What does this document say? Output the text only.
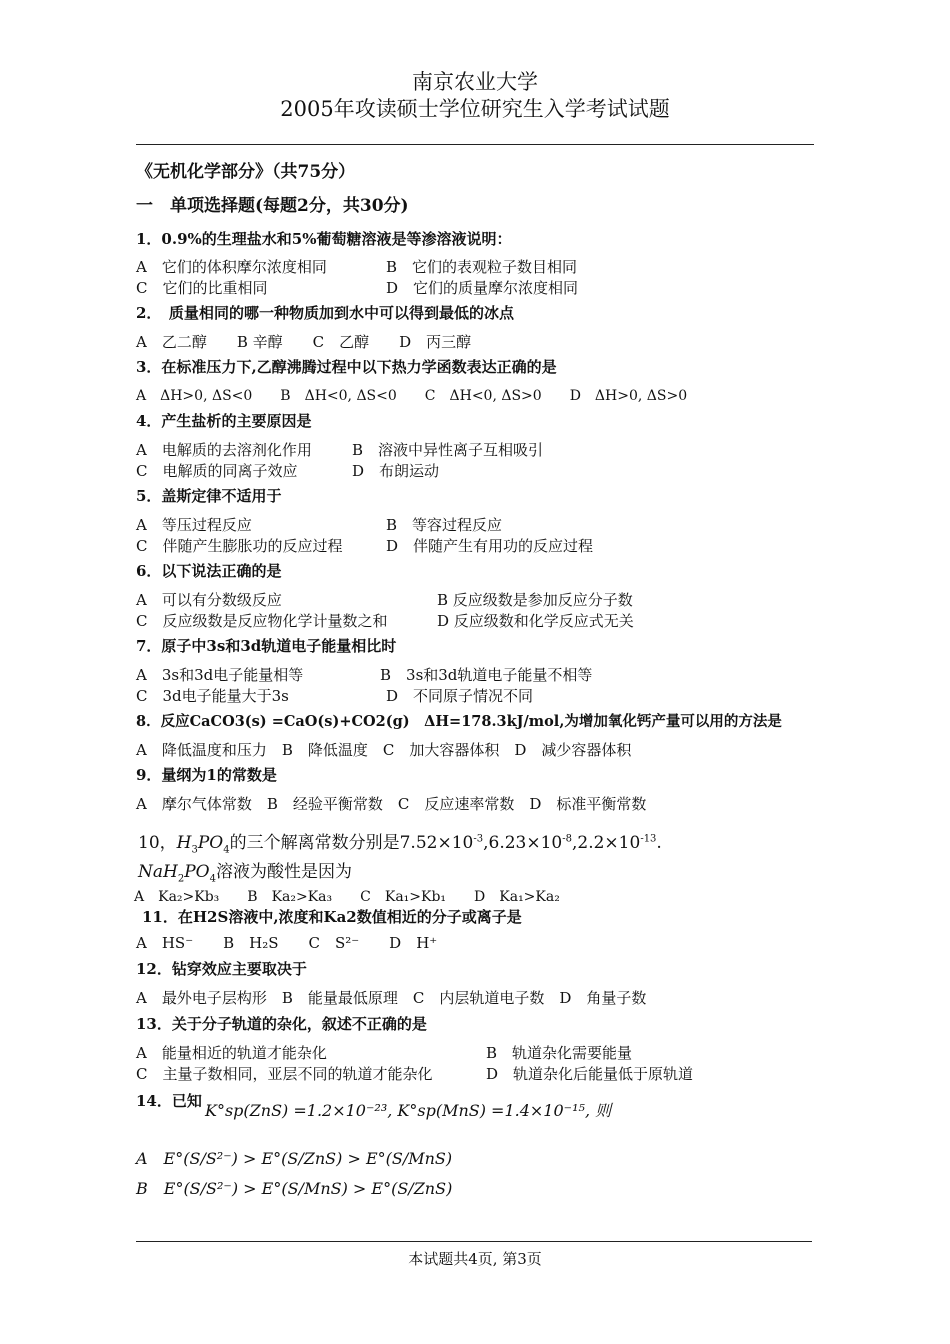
南京农业大学
2005年攻读硕士学位研究生入学考试试题
《无机化学部分》（共75分）
一　单项选择题(每题2分，共30分)
1．0.9%的生理盐水和5%葡萄糖溶液是等渗溶液说明：
A　它们的体积摩尔浓度相同	B　它们的表观粒子数目相同
C　它们的比重相同	D　它们的质量摩尔浓度相同
2．　质量相同的哪一种物质加到水中可以得到最低的冰点
A　乙二醇　　B 辛醇　　C　乙醇　　D　丙三醇
3．在标准压力下,乙醇沸腾过程中以下热力学函数表达正确的是
A　ΔH>0, ΔS<0　　B　ΔH<0, ΔS<0　　C　ΔH<0, ΔS>0　　D　ΔH>0, ΔS>0
4．产生盐析的主要原因是
A　电解质的去溶剂化作用	B　溶液中异性离子互相吸引
C　电解质的同离子效应	D　布朗运动
5．盖斯定律不适用于
A　等压过程反应	B　等容过程反应
C　伴随产生膨胀功的反应过程	D　伴随产生有用功的反应过程
6．以下说法正确的是
A　可以有分数级反应	B 反应级数是参加反应分子数
C　反应级数是反应物化学计量数之和	D 反应级数和化学反应式无关
7．原子中3s和3d轨道电子能量相比时
A　3s和3d电子能量相等	B　3s和3d轨道电子能量不相等
C　3d电子能量大于3s	D　不同原子情况不同
8．反应CaCO3(s) =CaO(s)+CO2(g)　ΔH=178.3kJ/mol,为增加氧化钙产量可以用的方法是
A　降低温度和压力　B　降低温度　C　加大容器体积　D　减少容器体积
9．量纲为1的常数是
A　摩尔气体常数　B　经验平衡常数　C　反应速率常数　D　标准平衡常数
10，$H_3PO_4$的三个解离常数分别是$7.52\times 10^{-3},6.23\times 10^{-8},2.2\times 10^{-13}$.
$NaH_2PO_4$溶液为酸性是因为
A　Ka₂>Kb₃　　B　Ka₂>Ka₃　　C　Ka₁>Kb₁　　D　Ka₁>Ka₂
11．在H2S溶液中,浓度和Ka2数值相近的分子或离子是
A　HS⁻　　B　H₂S　　C　S²⁻　　D　H⁺
12．钻穿效应主要取决于
A　最外电子层构形　B　能量最低原理　C　内层轨道电子数　D　角量子数
13．关于分子轨道的杂化，叙述不正确的是
A　能量相近的轨道才能杂化	B　轨道杂化需要能量
C　主量子数相同，亚层不同的轨道才能杂化	D　轨道杂化后能量低于原轨道
14．已知 K°sp(ZnS) =1.2×10⁻²³, K°sp(MnS) =1.4×10⁻¹⁵, 则
A　E°(S/S²⁻) > E°(S/ZnS) > E°(S/MnS)
B　E°(S/S²⁻) > E°(S/MnS) > E°(S/ZnS)
本试题共4页, 第3页
